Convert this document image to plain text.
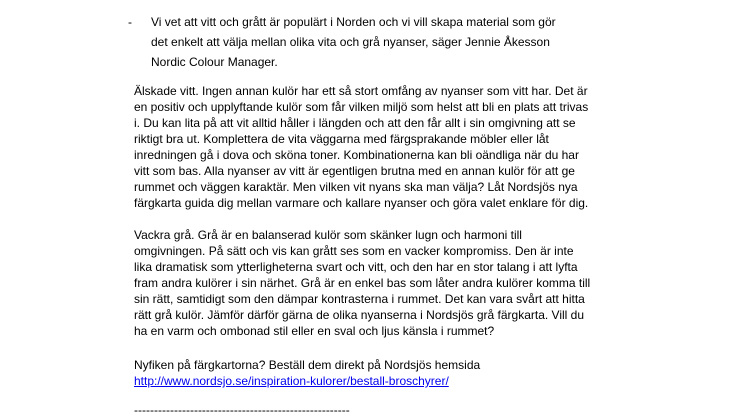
- Vi vet att vitt och grått är populärt i Norden och vi vill skapa material som gör
det enkelt att välja mellan olika vita och grå nyanser, säger Jennie Åkesson
Nordic Colour Manager.
Älskade vitt. Ingen annan kulör har ett så stort omfång av nyanser som vitt har. Det är
en positiv och upplyftande kulör som får vilken miljö som helst att bli en plats att trivas
i. Du kan lita på att vit alltid håller i längden och att den får allt i sin omgivning att se
riktigt bra ut. Komplettera de vita väggarna med färgsprakande möbler eller låt
inredningen gå i dova och sköna toner. Kombinationerna kan bli oändliga när du har
vitt som bas. Alla nyanser av vitt är egentligen brutna med en annan kulör för att ge
rummet och väggen karaktär. Men vilken vit nyans ska man välja? Låt Nordsjös nya
färgkarta guida dig mellan varmare och kallare nyanser och göra valet enklare för dig.
Vackra grå. Grå är en balanserad kulör som skänker lugn och harmoni till
omgivningen. På sätt och vis kan grått ses som en vacker kompromiss. Den är inte
lika dramatisk som ytterligheterna svart och vitt, och den har en stor talang i att lyfta
fram andra kulörer i sin närhet. Grå är en enkel bas som låter andra kulörer komma till
sin rätt, samtidigt som den dämpar kontrasterna i rummet. Det kan vara svårt att hitta
rätt grå kulör. Jämför därför gärna de olika nyanserna i Nordsjös grå färgkarta. Vill du
ha en varm och ombonad stil eller en sval och ljus känsla i rummet?
Nyfiken på färgkartorna? Beställ dem direkt på Nordsjös hemsida
http://www.nordsjo.se/inspiration-kulorer/bestall-broschyrer/
------------------------------------------------------
